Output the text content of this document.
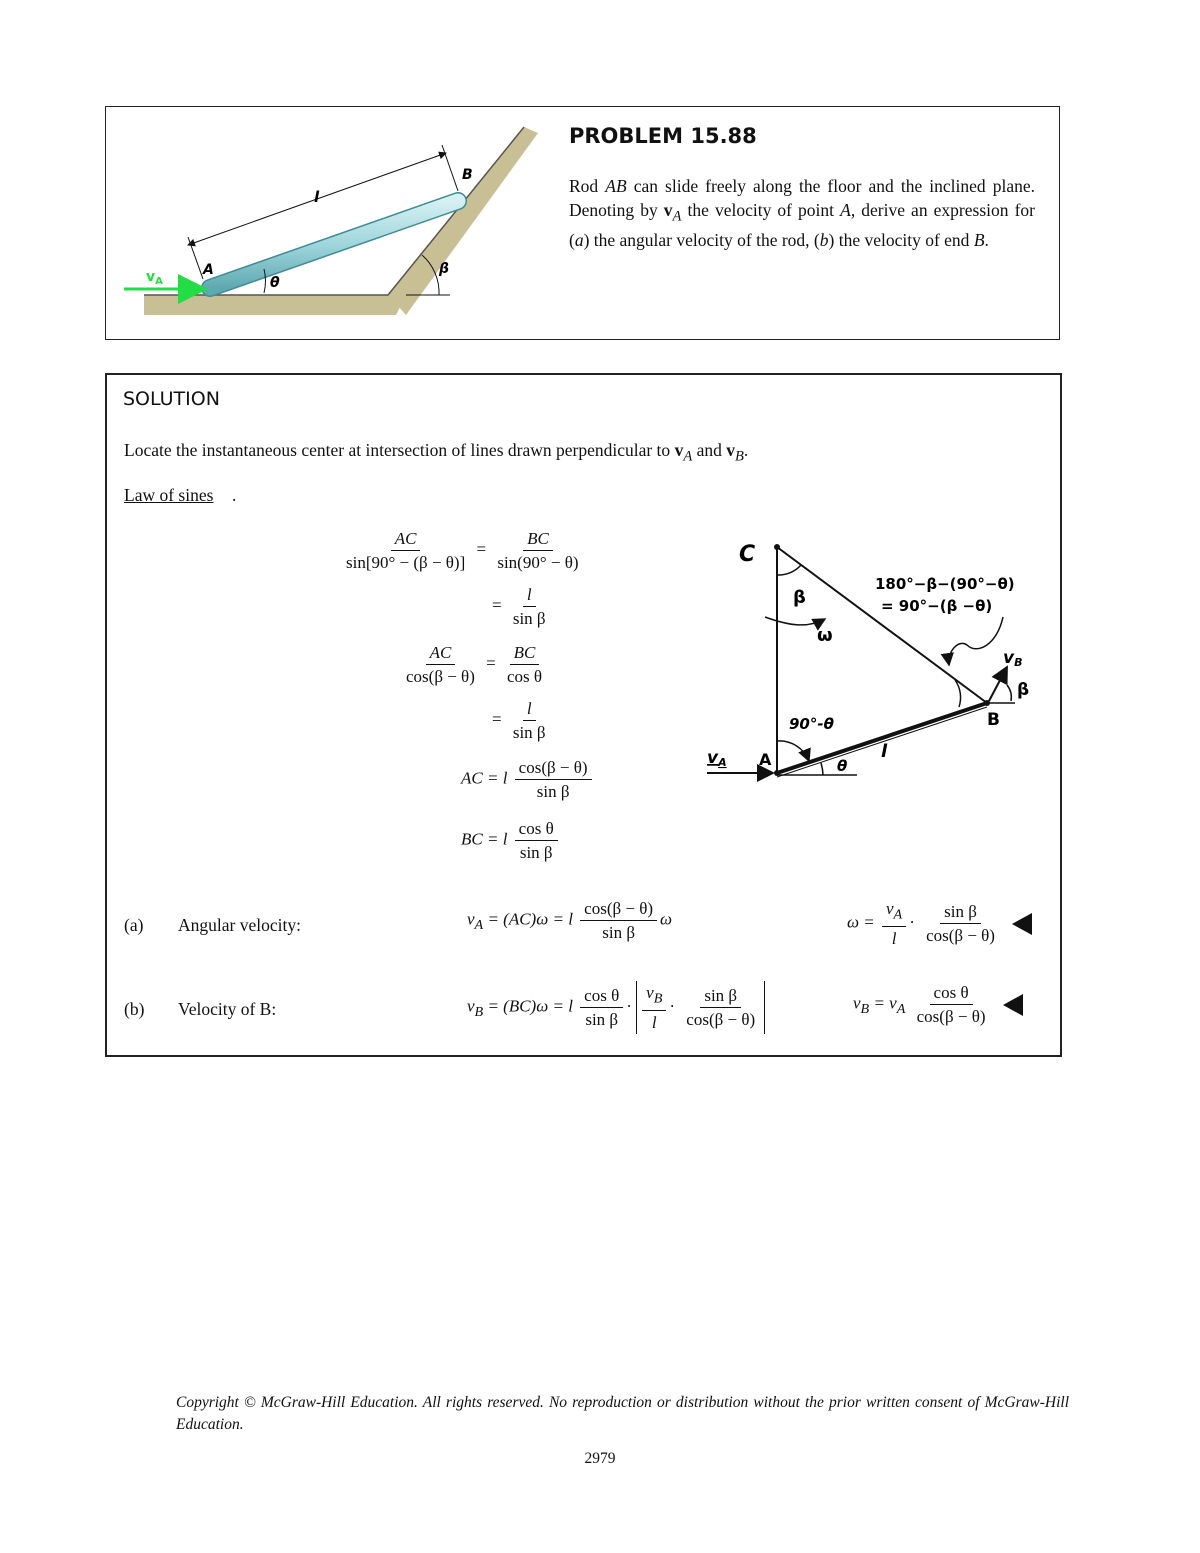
l
B
A
$v_A$	θ
β
PROBLEM 15.88
Rod AB can slide freely along the floor and the inclined plane. Denoting by $v_A$ the velocity of point A, derive an expression for (a) the angular velocity of the rod, (b) the velocity of end B.
SOLUTION
Locate the instantaneous center at intersection of lines drawn perpendicular to $v_A$ and $v_B$.
Law of sines .
$\frac{AC}{\sin[90^\circ - (\beta - \theta)]} = \frac{BC}{\sin(90^\circ - \theta)}$
= $\frac{l}{\text{sin β}}$
$\frac{AC}{\cos(\beta - \theta)} = \frac{BC}{\text{cos θ}}$
= $\frac{l}{\text{sin β}}$
AC = l $\frac{\cos(\beta - \theta)}{\text{sin β}}$
BC = l $\frac{\text{cos θ}}{\text{sin β}}$
C
A
B
β
ω
180°−β−(90°−θ)
= 90°−(β −θ)
vB
β
90°-θ
θ
l
vA
(a) Angular velocity:	$v_A = (AC)\omega = l \frac{\cos(\beta - \theta)}{\text{sin β}}$ ω	$\omega = \frac{v_A}{l} \cdot \frac{\text{sin β}}{\cos(\beta - \theta)}$

(b) Velocity of B:	$v_B = (BC)\omega = l \frac{\text{cos θ}}{\text{sin β}} \cdot \frac{v_B}{l} \cdot \frac{\text{sin β}}{\cos(\beta - \theta)}$	$v_B = v_A \frac{\text{cos θ}}{\cos(\beta - \theta)}$

Copyright © McGraw-Hill Education. All rights reserved. No reproduction or distribution without the prior written consent of McGraw-Hill Education.
2979
